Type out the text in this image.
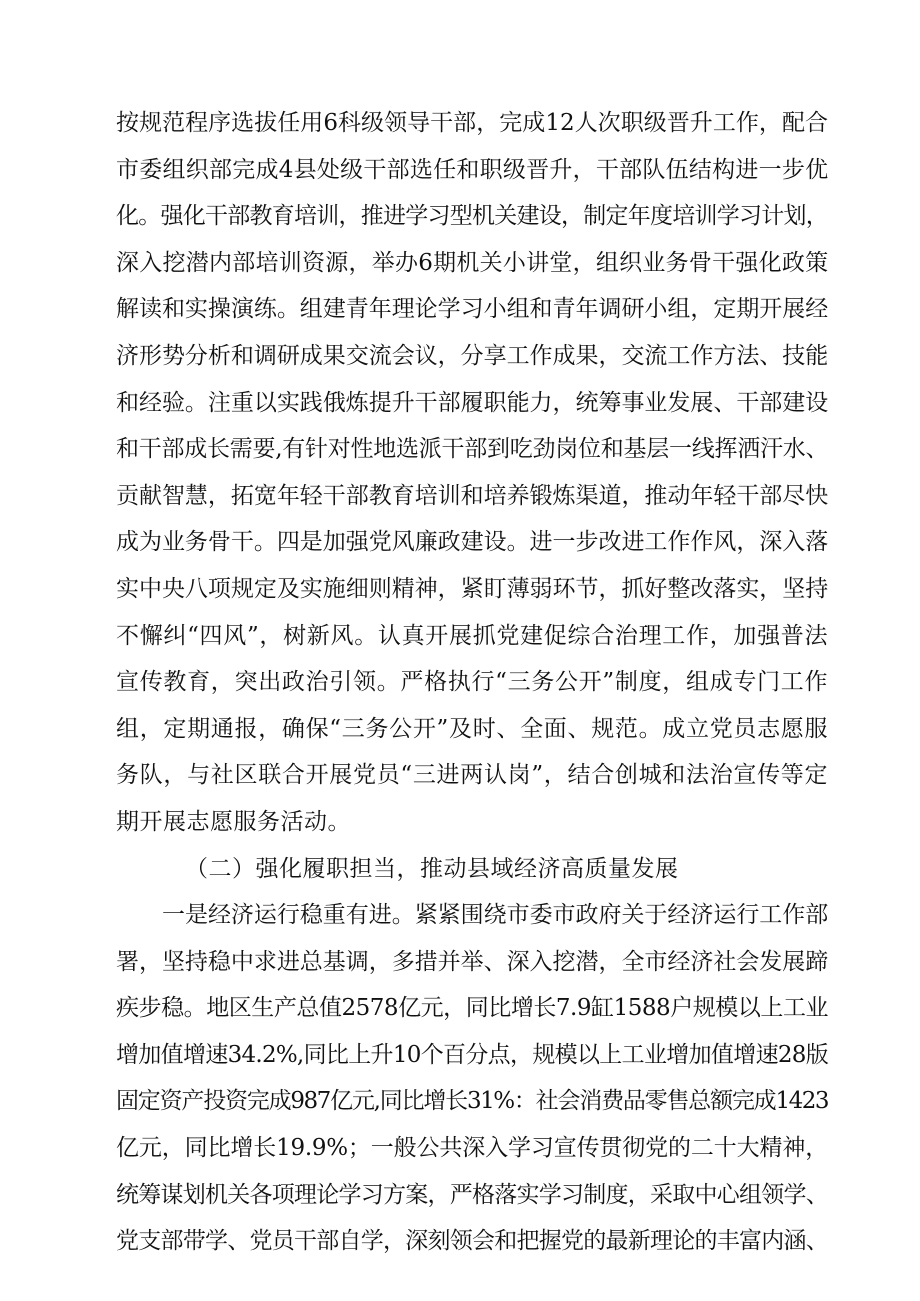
按规范程序选拔任用6科级领导干部，完成12人次职级晋升工作，配合
市委组织部完成4县处级干部选任和职级晋升，干部队伍结构进一步优
化。强化干部教育培训，推进学习型机关建设，制定年度培训学习计划，
深入挖潜内部培训资源，举办6期机关小讲堂，组织业务骨干强化政策
解读和实操演练。组建青年理论学习小组和青年调研小组，定期开展经
济形势分析和调研成果交流会议，分享工作成果，交流工作方法、技能
和经验。注重以实践俄炼提升干部履职能力，统筹事业发展、干部建设
和干部成长需要,有针对性地选派干部到吃劲岗位和基层一线挥洒汗水、
贡献智慧，拓宽年轻干部教育培训和培养锻炼渠道，推动年轻干部尽快
成为业务骨干。四是加强党风廉政建设。进一步改进工作作风，深入落
实中央八项规定及实施细则精神，紧盯薄弱环节，抓好整改落实，坚持
不懈纠“四风”，树新风。认真开展抓党建促综合治理工作，加强普法
宣传教育，突出政治引领。严格执行“三务公开”制度，组成专门工作
组，定期通报，确保“三务公开”及时、全面、规范。成立党员志愿服
务队，与社区联合开展党员“三进两认岗”，结合创城和法治宣传等定
期开展志愿服务活动。
（二）强化履职担当，推动县域经济高质量发展
一是经济运行稳重有进。紧紧围绕市委市政府关于经济运行工作部
署，坚持稳中求进总基调，多措并举、深入挖潜，全市经济社会发展蹄
疾步稳。地区生产总值2578亿元，同比增长7.9缸1588户规模以上工业
增加值增速34.2%,同比上升10个百分点，规模以上工业增加值增速28版
固定资产投资完成987亿元,同比增长31%：社会消费品零售总额完成1423
亿元，同比增长19.9%；一般公共深入学习宣传贯彻党的二十大精神，
统筹谋划机关各项理论学习方案，严格落实学习制度，采取中心组领学、
党支部带学、党员干部自学，深刻领会和把握党的最新理论的丰富内涵、
